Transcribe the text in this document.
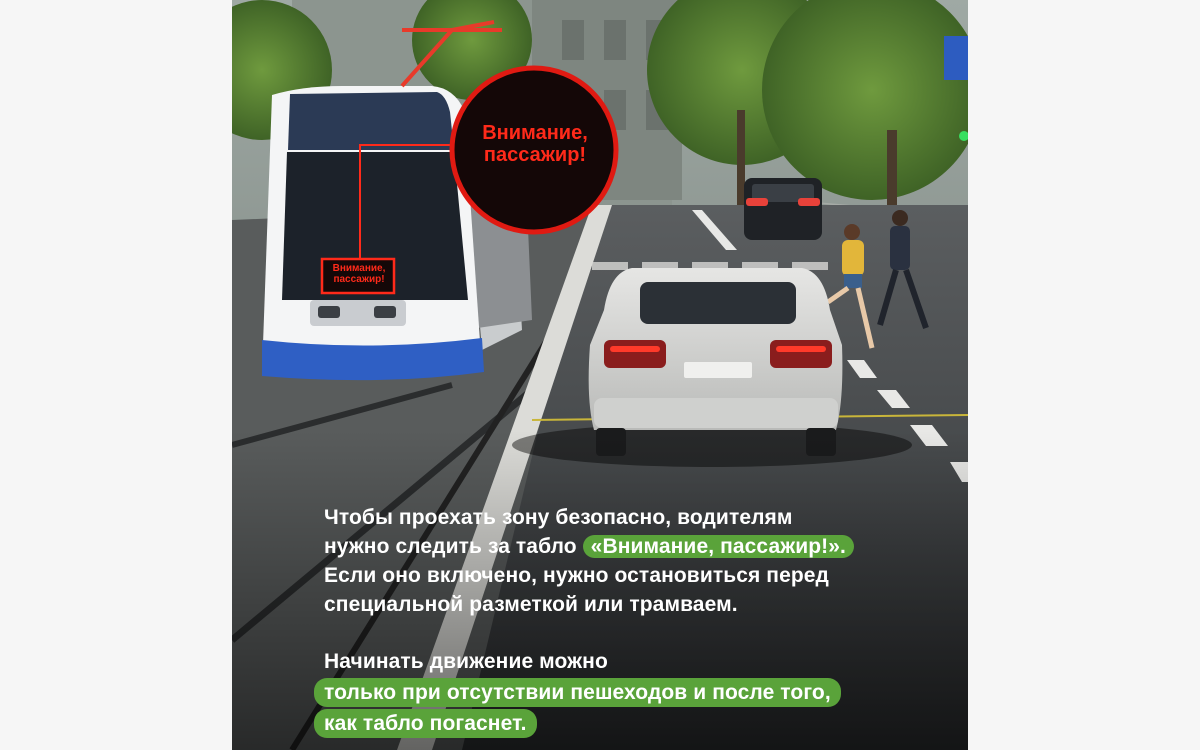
Внимание,
пассажир!
Внимание,
пассажир!

Чтобы проехать зону безопасно, водителям

нужно следить за табло «Внимание, пассажир!».

Если оно включено, нужно остановиться перед

специальной разметкой или трамваем.

Начинать движение можно

только при отсутствии пешеходов и после того,

как табло погаснет.
